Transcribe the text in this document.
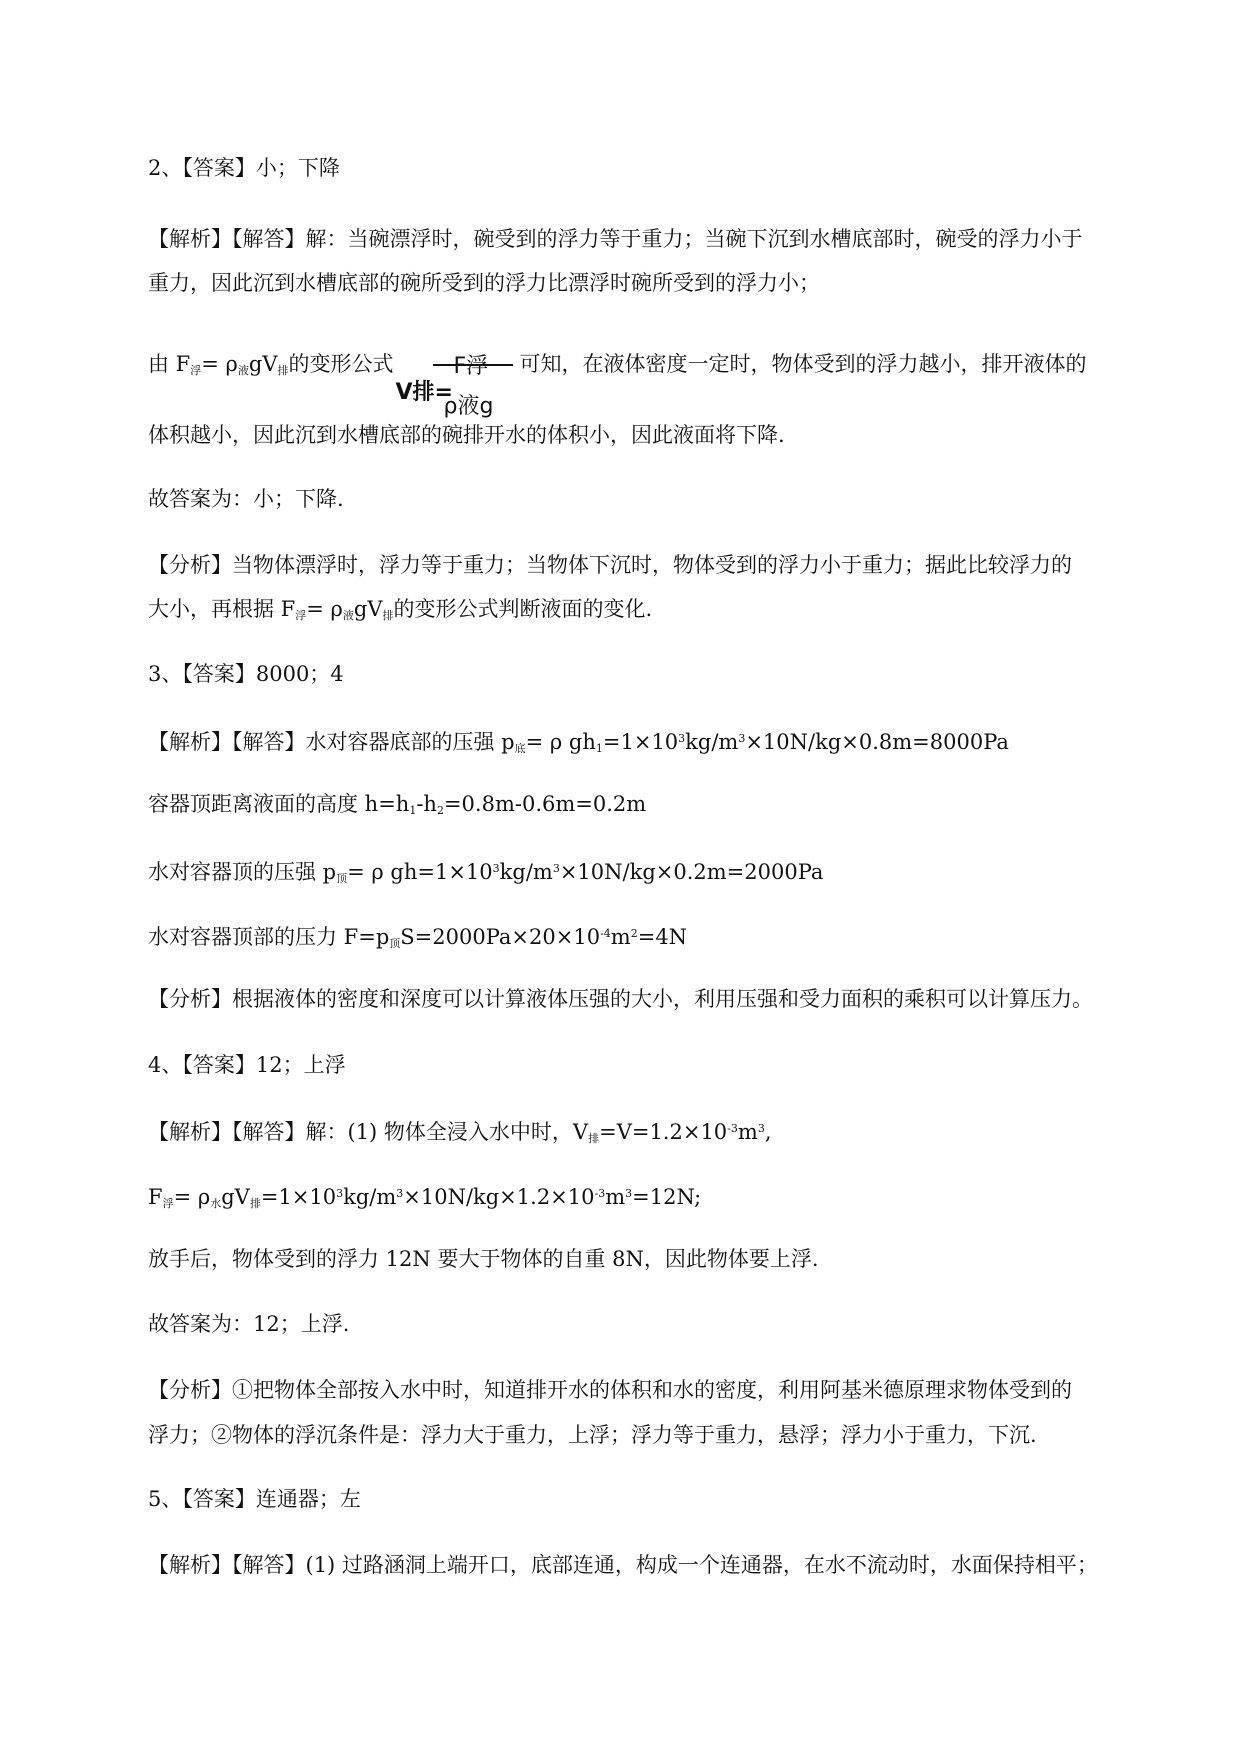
2、【答案】小；下降
【解析】【解答】解：当碗漂浮时，碗受到的浮力等于重力；当碗下沉到水槽底部时，碗受的浮力小于
重力，因此沉到水槽底部的碗所受到的浮力比漂浮时碗所受到的浮力小；
由 $F_浮= \rho_液gV_排$的变形公式
V排=
F浮
ρ液g
可知，在液体密度一定时，物体受到的浮力越小，排开液体的
体积越小，因此沉到水槽底部的碗排开水的体积小，因此液面将下降.
故答案为：小；下降.
【分析】当物体漂浮时，浮力等于重力；当物体下沉时，物体受到的浮力小于重力；据此比较浮力的
大小，再根据 $F_浮= \rho_液gV_排$的变形公式判断液面的变化.
3、【答案】8000；4
【解析】【解答】水对容器底部的压强 $p_底= \rho$ $gh_1=1\times 10^3kg/m^3\times 10N/kg\times 0.8m=8000Pa$
容器顶距离液面的高度 $h=h_1-h_2=0.8m-0.6m=0.2m$
水对容器顶的压强 $p_顶= \rho$ $gh=1\times 10^3kg/m^3\times 10N/kg\times 0.2m=2000Pa$
水对容器顶部的压力 $F=p_顶S=2000Pa\times 20\times 10^{-4}m^2=4N$
【分析】根据液体的密度和深度可以计算液体压强的大小，利用压强和受力面积的乘积可以计算压力。
4、【答案】12；上浮
【解析】【解答】解：(1) 物体全浸入水中时，$V_排=V=1.2\times 10^{-3}m^3$,
$F_浮= \rho_水gV_排=1\times 10^3kg/m^3\times 10N/kg\times 1.2\times 10^{-3}m^3=12N$;
放手后，物体受到的浮力 12N 要大于物体的自重 8N，因此物体要上浮.
故答案为：12；上浮.
【分析】①把物体全部按入水中时，知道排开水的体积和水的密度，利用阿基米德原理求物体受到的
浮力；②物体的浮沉条件是：浮力大于重力，上浮；浮力等于重力，悬浮；浮力小于重力，下沉.
5、【答案】连通器；左
【解析】【解答】(1) 过路涵洞上端开口，底部连通，构成一个连通器，在水不流动时，水面保持相平；
